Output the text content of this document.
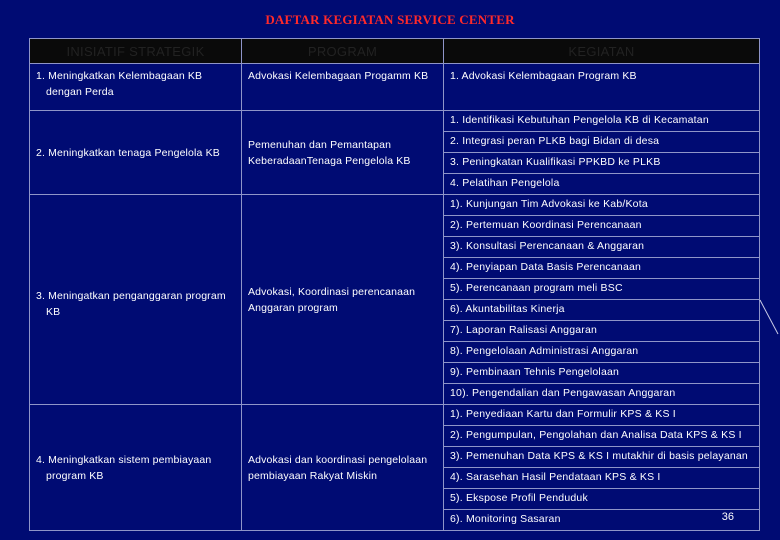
DAFTAR KEGIATAN SERVICE CENTER
INISIATIF STRATEGIK	PROGRAM	KEGIATAN

1. Meningkatkan Kelembagaan KB
dengan Perda	Advokasi Kelembagaan Progamm KB	1. Advokasi Kelembagaan Program KB

2. Meningkatkan tenaga Pengelola KB	Pemenuhan dan Pemantapan
KeberadaanTenaga Pengelola KB	1. Identifikasi Kebutuhan Pengelola KB di Kecamatan

		2. Integrasi peran PLKB bagi Bidan di desa

		3. Peningkatan Kualifikasi PPKBD ke PLKB

		4. Pelatihan Pengelola

3. Meningatkan penganggaran program
KB	Advokasi, Koordinasi perencanaan
Anggaran program	1). Kunjungan Tim Advokasi ke Kab/Kota

		2). Pertemuan Koordinasi Perencanaan

		3). Konsultasi Perencanaan & Anggaran

		4). Penyiapan Data Basis Perencanaan

		5). Perencanaan program meli BSC

		6). Akuntabilitas Kinerja

		7). Laporan Ralisasi Anggaran

		8). Pengelolaan Administrasi Anggaran

		9). Pembinaan Tehnis Pengelolaan

		10). Pengendalian dan Pengawasan Anggaran

4. Meningkatkan sistem pembiayaan
program KB	Advokasi dan koordinasi pengelolaan
pembiayaan Rakyat Miskin	1). Penyediaan Kartu dan Formulir KPS & KS I

		2). Pengumpulan, Pengolahan dan Analisa Data KPS & KS I

		3). Pemenuhan Data KPS & KS I mutakhir di basis pelayanan

		4). Sarasehan Hasil Pendataan KPS & KS I

		5). Ekspose Profil Penduduk

		6). Monitoring Sasaran	36
